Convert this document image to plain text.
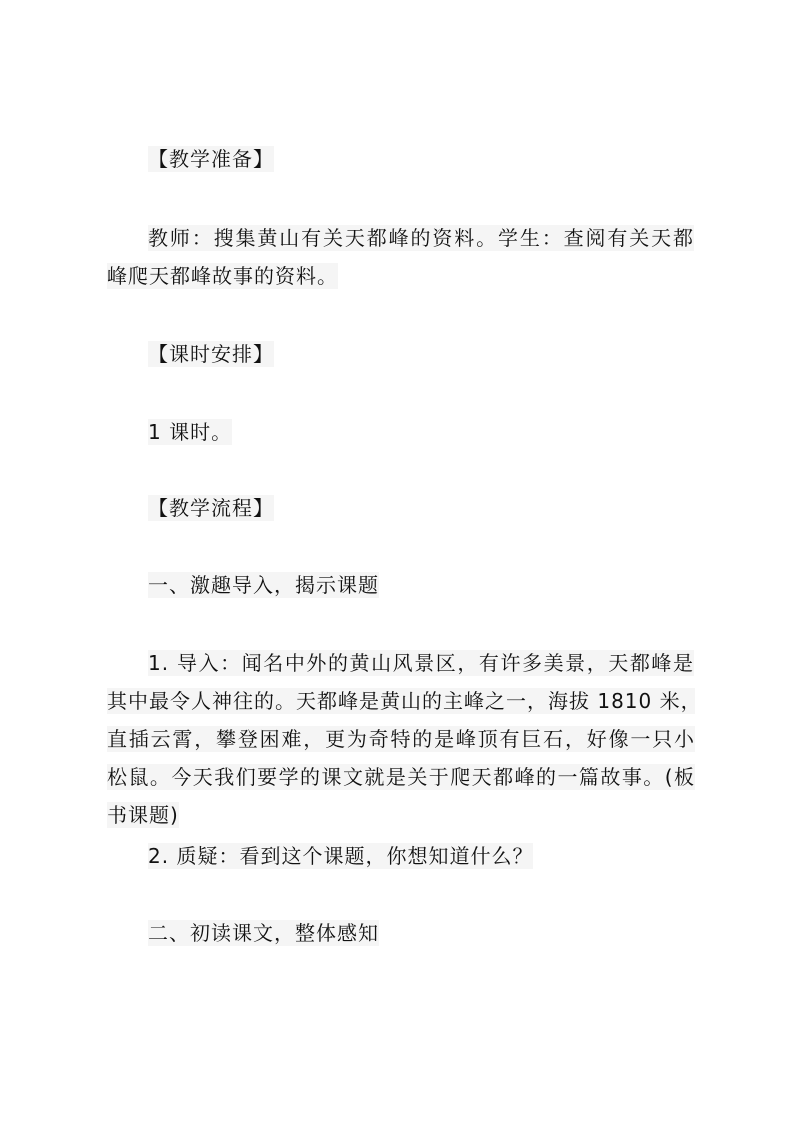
【教学准备】
教师：搜集黄山有关天都峰的资料。学生：查阅有关天都
峰爬天都峰故事的资料。
【课时安排】
1 课时。
【教学流程】
一、激趣导入，揭示课题
1. 导入：闻名中外的黄山风景区，有许多美景，天都峰是
其中最令人神往的。天都峰是黄山的主峰之一，海拔 1810 米，
直插云霄，攀登困难，更为奇特的是峰顶有巨石，好像一只小
松鼠。今天我们要学的课文就是关于爬天都峰的一篇故事。(板
书课题)
2. 质疑：看到这个课题，你想知道什么？
二、初读课文，整体感知
